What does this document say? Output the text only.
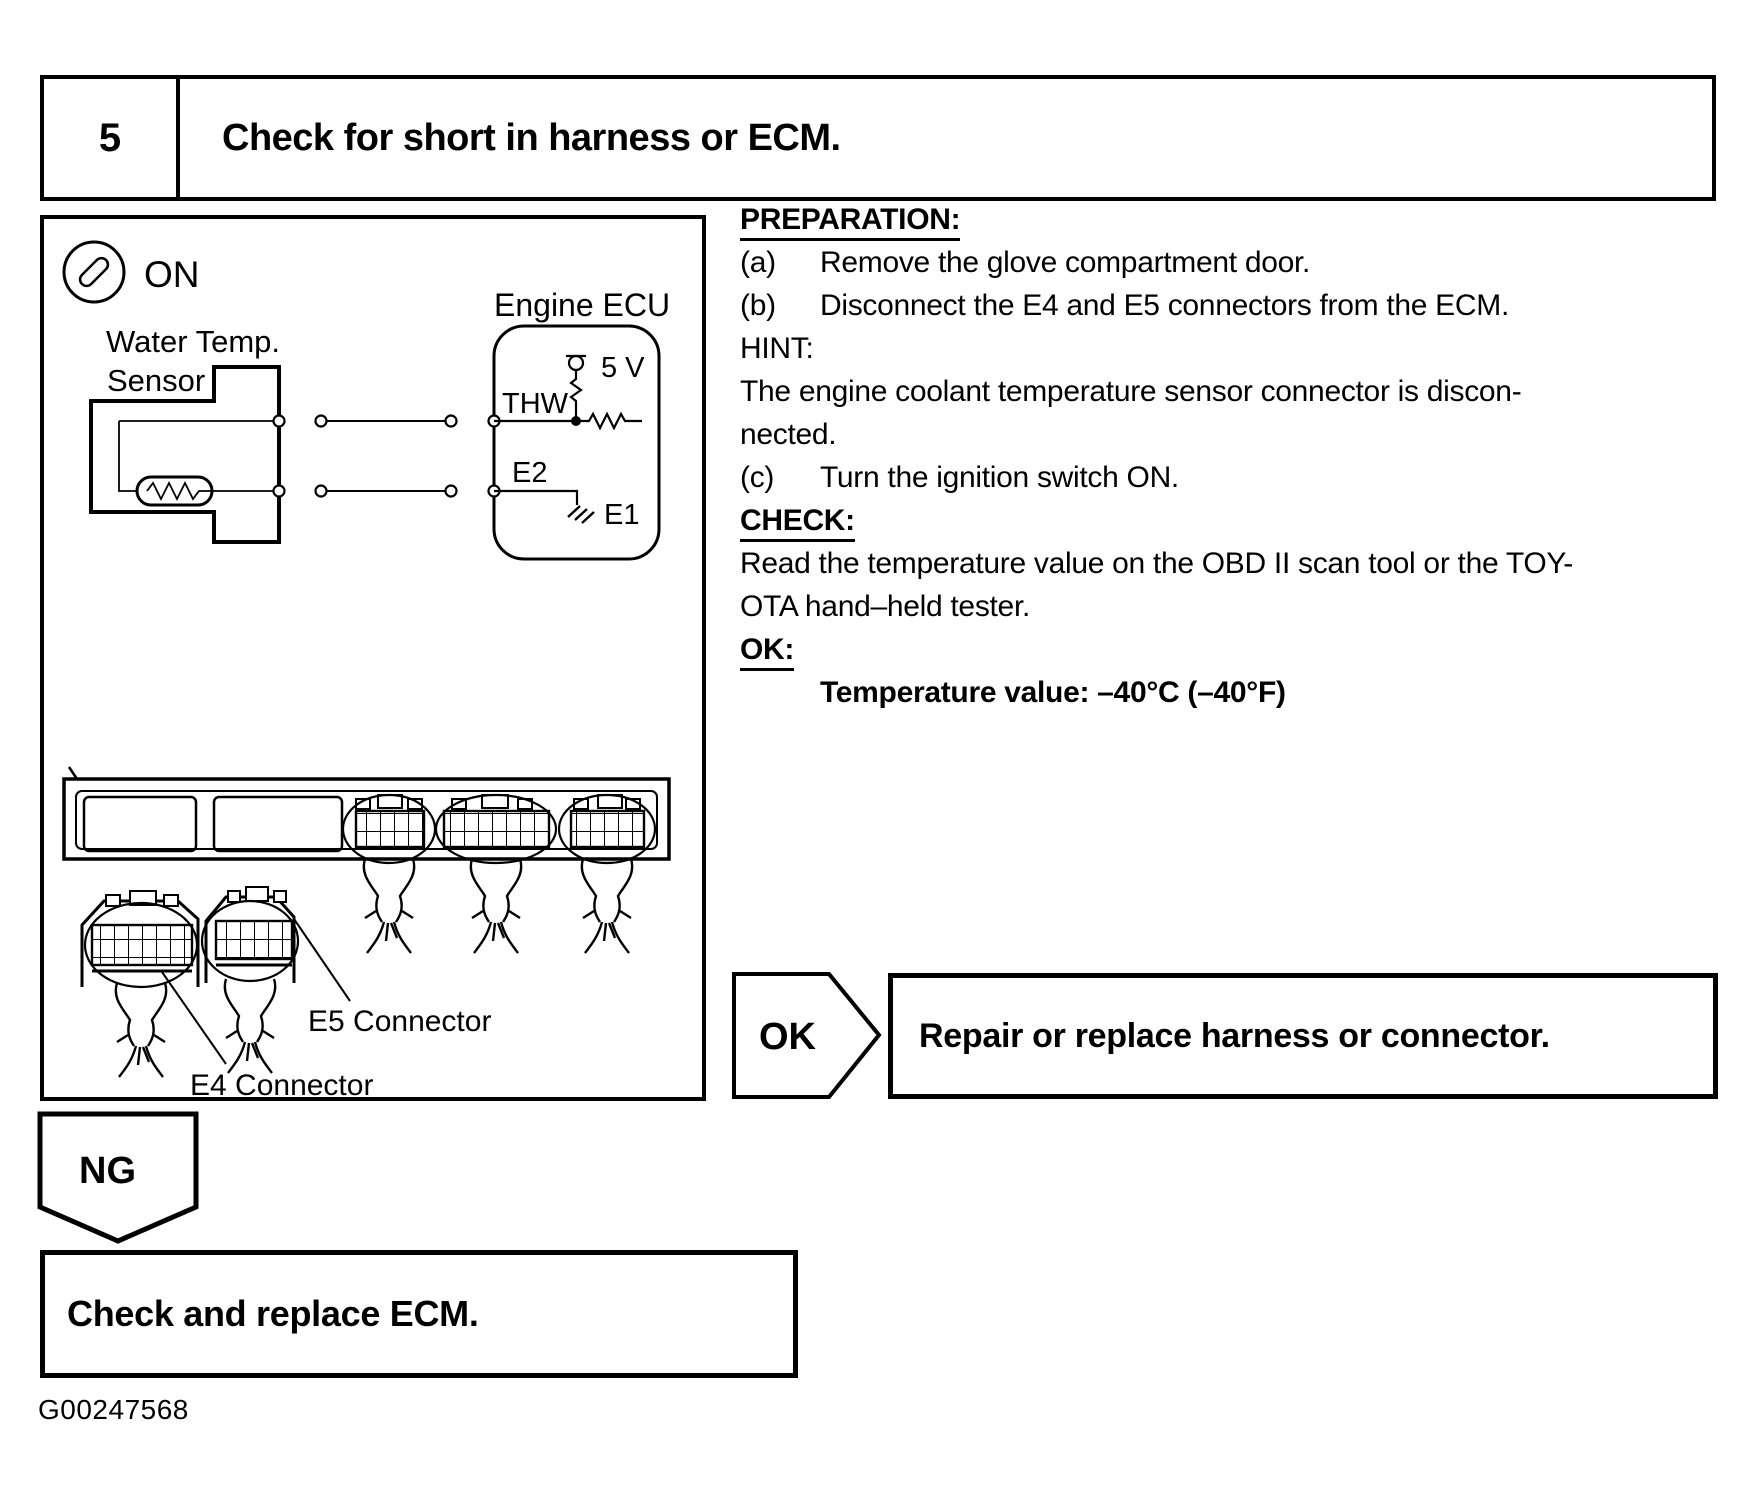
5	Check for short in harness or ECM.
ON
Water Temp.
Sensor
Engine ECU
5 V
THW
E2
E1
E5 Connector
E4 Connector
PREPARATION:
(a) Remove the glove compartment door.
(b) Disconnect the E4 and E5 connectors from the ECM.
HINT:
The engine coolant temperature sensor connector is discon-
nected.
(c) Turn the ignition switch ON.
CHECK:
Read the temperature value on the OBD II scan tool or the TOY-
OTA hand–held tester.
OK:
Temperature value: –40°C (–40°F)
OK	Repair or replace harness or connector.
NG
Check and replace ECM.
G00247568
